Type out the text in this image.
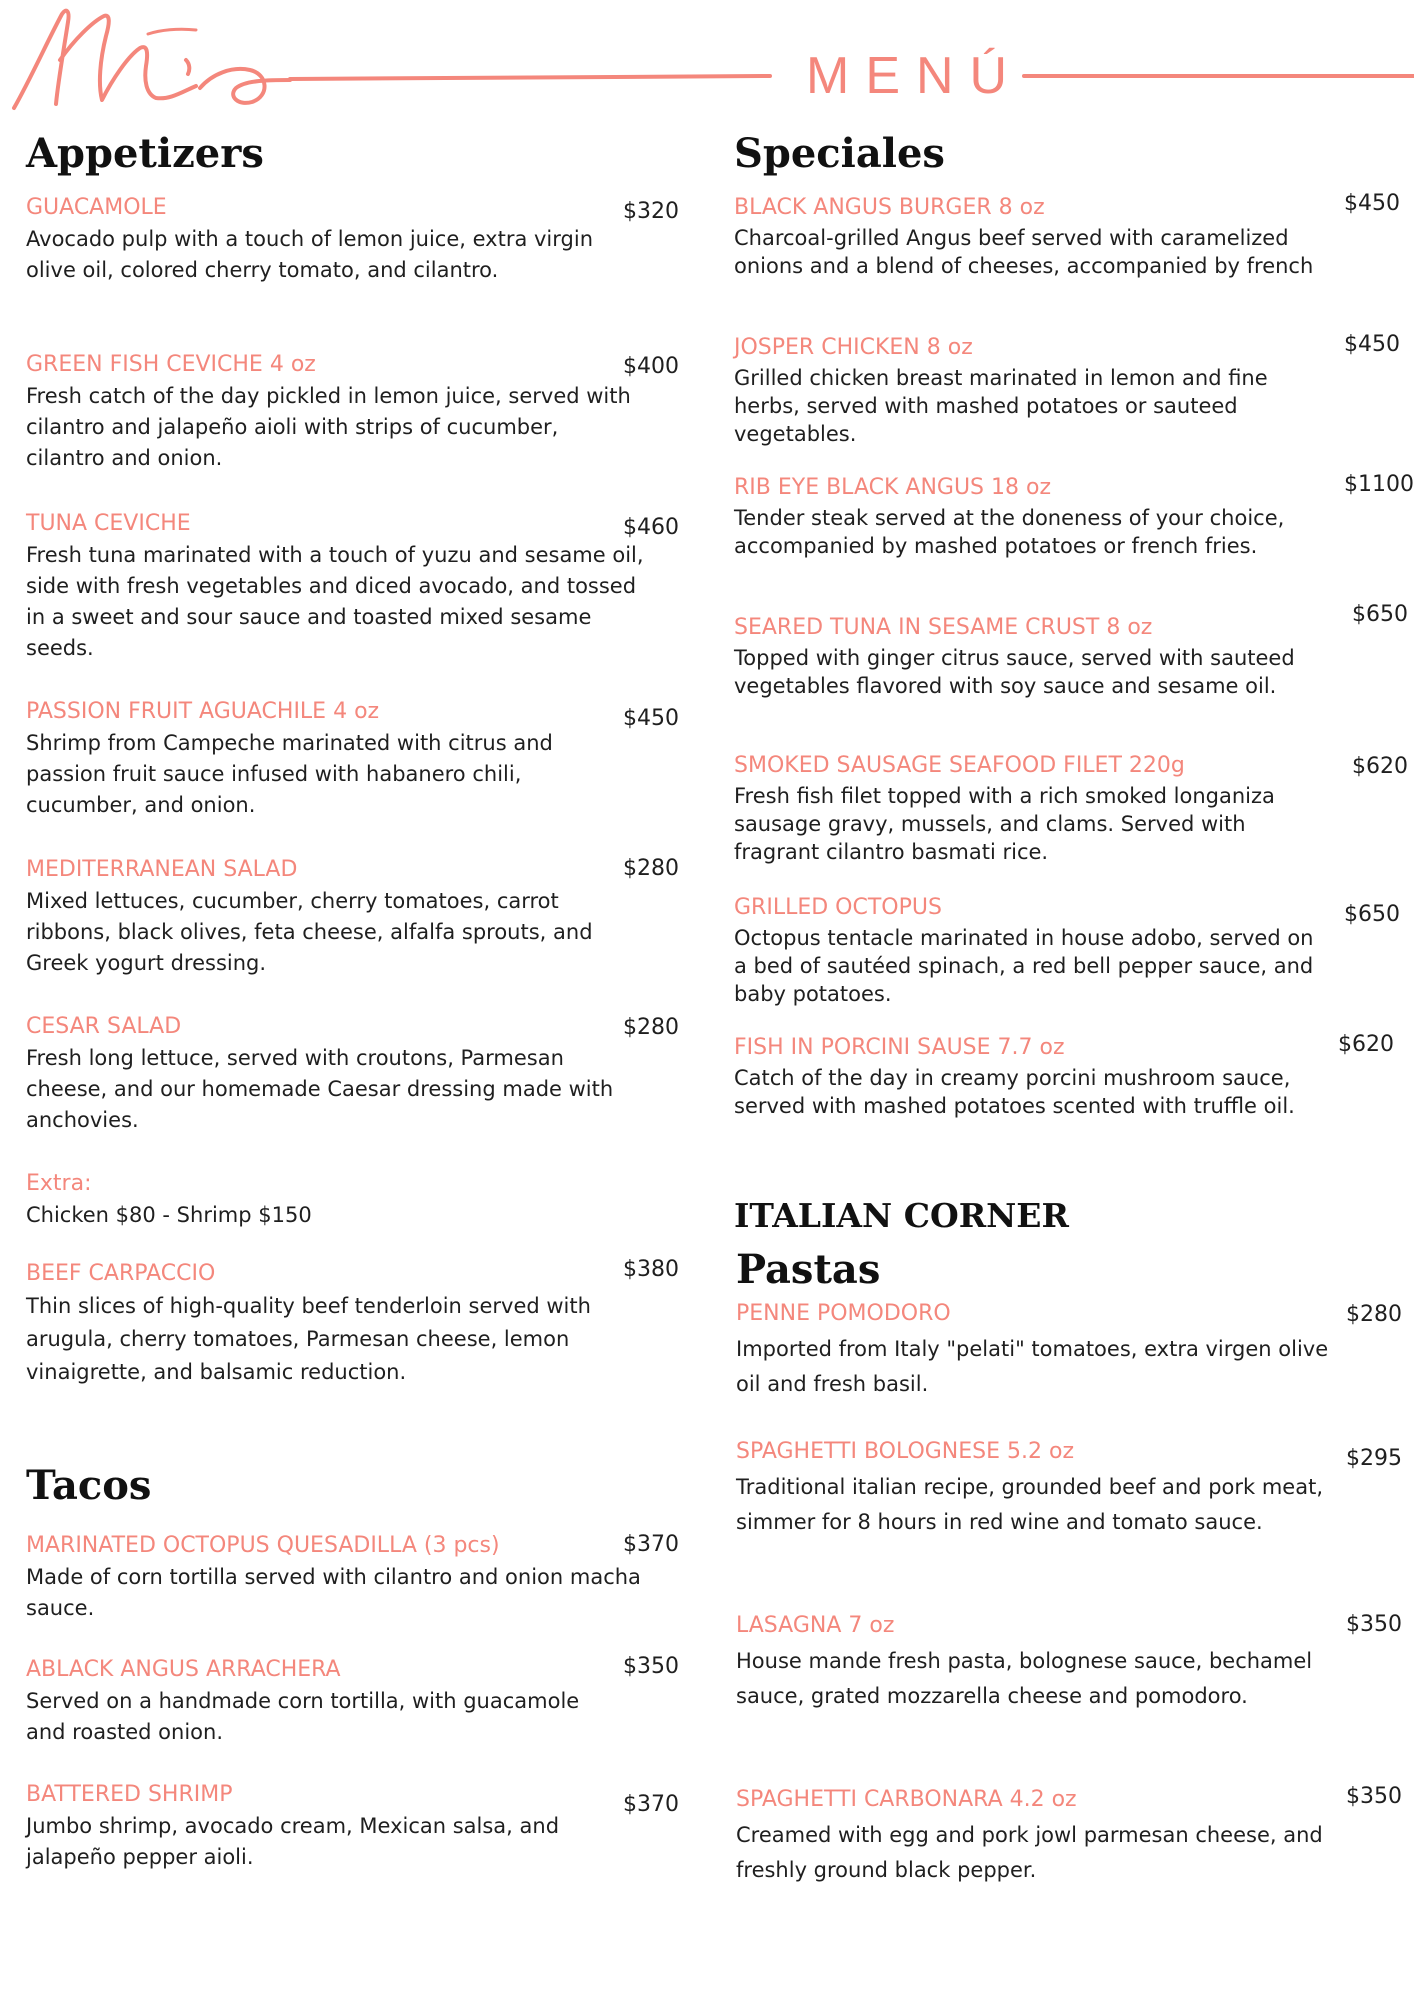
MENÚ
Appetizers
GUACAMOLE
Avocado pulp with a touch of lemon juice, extra virgin olive oil, colored cherry tomato, and cilantro.
$320
GREEN FISH CEVICHE 4 oz
Fresh catch of the day pickled in lemon juice, served with cilantro and jalapeño aioli with strips of cucumber, cilantro and onion.
$400
TUNA CEVICHE
Fresh tuna marinated with a touch of yuzu and sesame oil, side with fresh vegetables and diced avocado, and tossed in a sweet and sour sauce and toasted mixed sesame seeds.
$460
PASSION FRUIT AGUACHILE 4 oz
Shrimp from Campeche marinated with citrus and passion fruit sauce infused with habanero chili, cucumber, and onion.
$450
MEDITERRANEAN SALAD
Mixed lettuces, cucumber, cherry tomatoes, carrot ribbons, black olives, feta cheese, alfalfa sprouts, and Greek yogurt dressing.
$280
CESAR SALAD
Fresh long lettuce, served with croutons, Parmesan cheese, and our homemade Caesar dressing made with anchovies.
$280
Extra:
Chicken $80 - Shrimp $150
BEEF CARPACCIO
Thin slices of high-quality beef tenderloin served with arugula, cherry tomatoes, Parmesan cheese, lemon vinaigrette, and balsamic reduction.
$380
Tacos
MARINATED OCTOPUS QUESADILLA (3 pcs)
Made of corn tortilla served with cilantro and onion macha sauce.
$370
ABLACK ANGUS ARRACHERA
Served on a handmade corn tortilla, with guacamole and roasted onion.
$350
BATTERED SHRIMP
Jumbo shrimp, avocado cream, Mexican salsa, and jalapeño pepper aioli.
$370
Speciales
BLACK ANGUS BURGER 8 oz
Charcoal-grilled Angus beef served with caramelized onions and a blend of cheeses, accompanied by french
$450
JOSPER CHICKEN 8 oz
Grilled chicken breast marinated in lemon and fine herbs, served with mashed potatoes or sauteed vegetables.
$450
RIB EYE BLACK ANGUS 18 oz
Tender steak served at the doneness of your choice, accompanied by mashed potatoes or french fries.
$1100
SEARED TUNA IN SESAME CRUST 8 oz
Topped with ginger citrus sauce, served with sauteed vegetables flavored with soy sauce and sesame oil.
$650
SMOKED SAUSAGE SEAFOOD FILET 220g
Fresh fish filet topped with a rich smoked longaniza sausage gravy, mussels, and clams. Served with fragrant cilantro basmati rice.
$620
GRILLED OCTOPUS
Octopus tentacle marinated in house adobo, served on a bed of sautéed spinach, a red bell pepper sauce, and baby potatoes.
$650
FISH IN PORCINI SAUSE 7.7 oz
Catch of the day in creamy porcini mushroom sauce, served with mashed potatoes scented with truffle oil.
$620
ITALIAN CORNER
Pastas
PENNE POMODORO
Imported from Italy "pelati" tomatoes, extra virgen olive oil and fresh basil.
$280
SPAGHETTI BOLOGNESE 5.2 oz
Traditional italian recipe, grounded beef and pork meat, simmer for 8 hours in red wine and tomato sauce.
$295
LASAGNA 7 oz
House mande fresh pasta, bolognese sauce, bechamel sauce, grated mozzarella cheese and pomodoro.
$350
SPAGHETTI CARBONARA 4.2 oz
Creamed with egg and pork jowl parmesan cheese, and freshly ground black pepper.
$350
